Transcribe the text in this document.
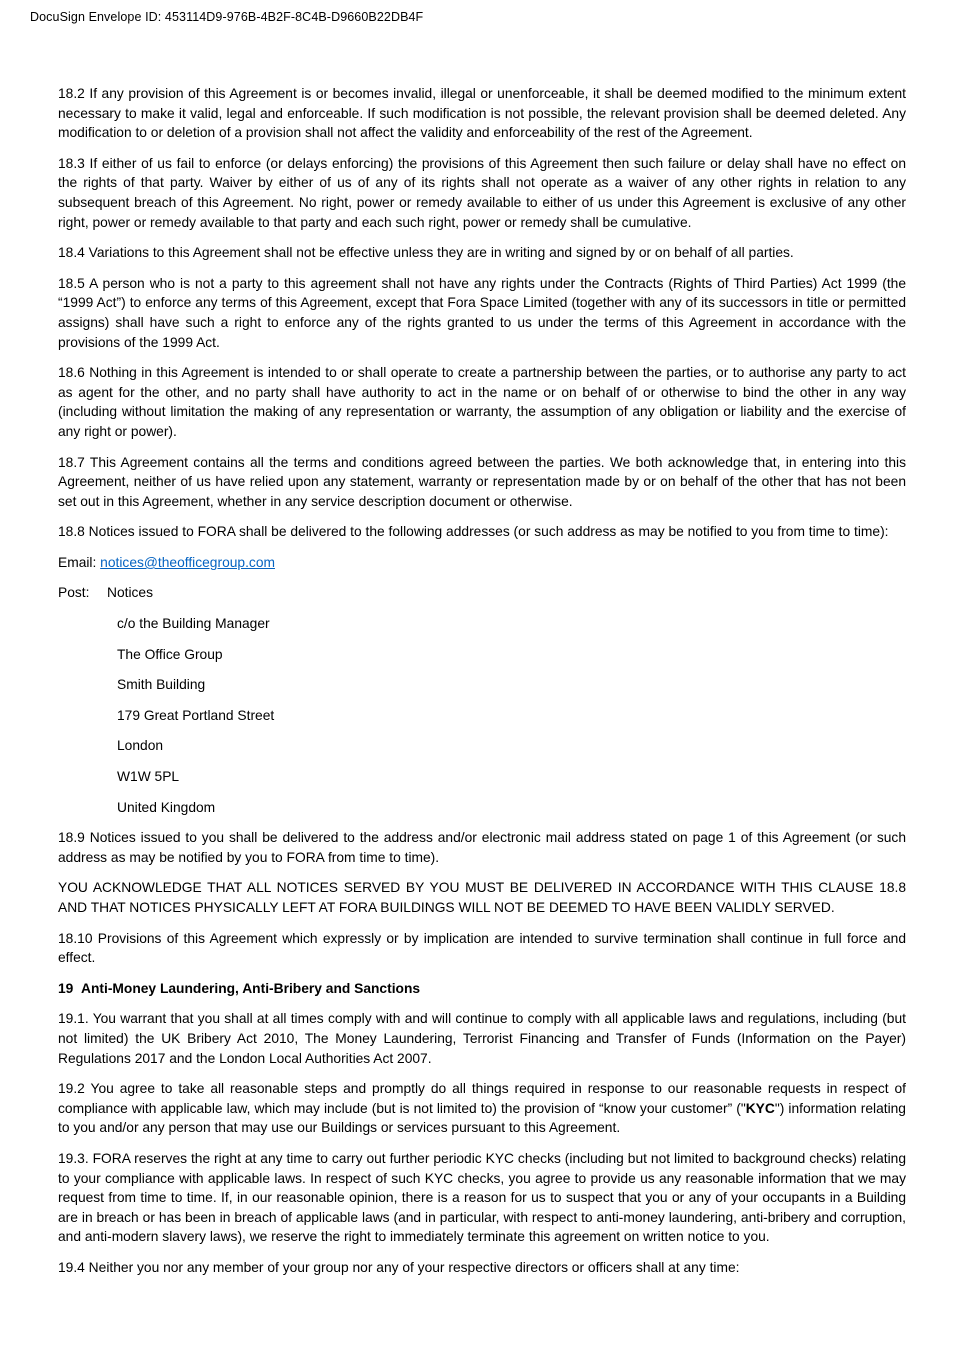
DocuSign Envelope ID: 453114D9-976B-4B2F-8C4B-D9660B22DB4F

18.2 If any provision of this Agreement is or becomes invalid, illegal or unenforceable, it shall be deemed modified to the minimum extent necessary to make it valid, legal and enforceable. If such modification is not possible, the relevant provision shall be deemed deleted. Any modification to or deletion of a provision shall not affect the validity and enforceability of the rest of the Agreement.

18.3 If either of us fail to enforce (or delays enforcing) the provisions of this Agreement then such failure or delay shall have no effect on the rights of that party. Waiver by either of us of any of its rights shall not operate as a waiver of any other rights in relation to any subsequent breach of this Agreement. No right, power or remedy available to either of us under this Agreement is exclusive of any other right, power or remedy available to that party and each such right, power or remedy shall be cumulative.

18.4 Variations to this Agreement shall not be effective unless they are in writing and signed by or on behalf of all parties.

18.5 A person who is not a party to this agreement shall not have any rights under the Contracts (Rights of Third Parties) Act 1999 (the “1999 Act”) to enforce any terms of this Agreement, except that Fora Space Limited (together with any of its successors in title or permitted assigns) shall have such a right to enforce any of the rights granted to us under the terms of this Agreement in accordance with the provisions of the 1999 Act.

18.6 Nothing in this Agreement is intended to or shall operate to create a partnership between the parties, or to authorise any party to act as agent for the other, and no party shall have authority to act in the name or on behalf of or otherwise to bind the other in any way (including without limitation the making of any representation or warranty, the assumption of any obligation or liability and the exercise of any right or power).

18.7 This Agreement contains all the terms and conditions agreed between the parties. We both acknowledge that, in entering into this Agreement, neither of us have relied upon any statement, warranty or representation made by or on behalf of the other that has not been set out in this Agreement, whether in any service description document or otherwise.

18.8 Notices issued to FORA shall be delivered to the following addresses (or such address as may be notified to you from time to time):

Email: notices@theofficegroup.com

Post: Notices

c/o the Building Manager

The Office Group

Smith Building

179 Great Portland Street

London

W1W 5PL

United Kingdom

18.9 Notices issued to you shall be delivered to the address and/or electronic mail address stated on page 1 of this Agreement (or such address as may be notified by you to FORA from time to time).

YOU ACKNOWLEDGE THAT ALL NOTICES SERVED BY YOU MUST BE DELIVERED IN ACCORDANCE WITH THIS CLAUSE 18.8 AND THAT NOTICES PHYSICALLY LEFT AT FORA BUILDINGS WILL NOT BE DEEMED TO HAVE BEEN VALIDLY SERVED.

18.10 Provisions of this Agreement which expressly or by implication are intended to survive termination shall continue in full force and effect.

19 Anti-Money Laundering, Anti-Bribery and Sanctions

19.1. You warrant that you shall at all times comply with and will continue to comply with all applicable laws and regulations, including (but not limited) the UK Bribery Act 2010, The Money Laundering, Terrorist Financing and Transfer of Funds (Information on the Payer) Regulations 2017 and the London Local Authorities Act 2007.

19.2 You agree to take all reasonable steps and promptly do all things required in response to our reasonable requests in respect of compliance with applicable law, which may include (but is not limited to) the provision of “know your customer” ("KYC") information relating to you and/or any person that may use our Buildings or services pursuant to this Agreement.

19.3. FORA reserves the right at any time to carry out further periodic KYC checks (including but not limited to background checks) relating to your compliance with applicable laws. In respect of such KYC checks, you agree to provide us any reasonable information that we may request from time to time. If, in our reasonable opinion, there is a reason for us to suspect that you or any of your occupants in a Building are in breach or has been in breach of applicable laws (and in particular, with respect to anti-money laundering, anti-bribery and corruption, and anti-modern slavery laws), we reserve the right to immediately terminate this agreement on written notice to you.

19.4 Neither you nor any member of your group nor any of your respective directors or officers shall at any time:
